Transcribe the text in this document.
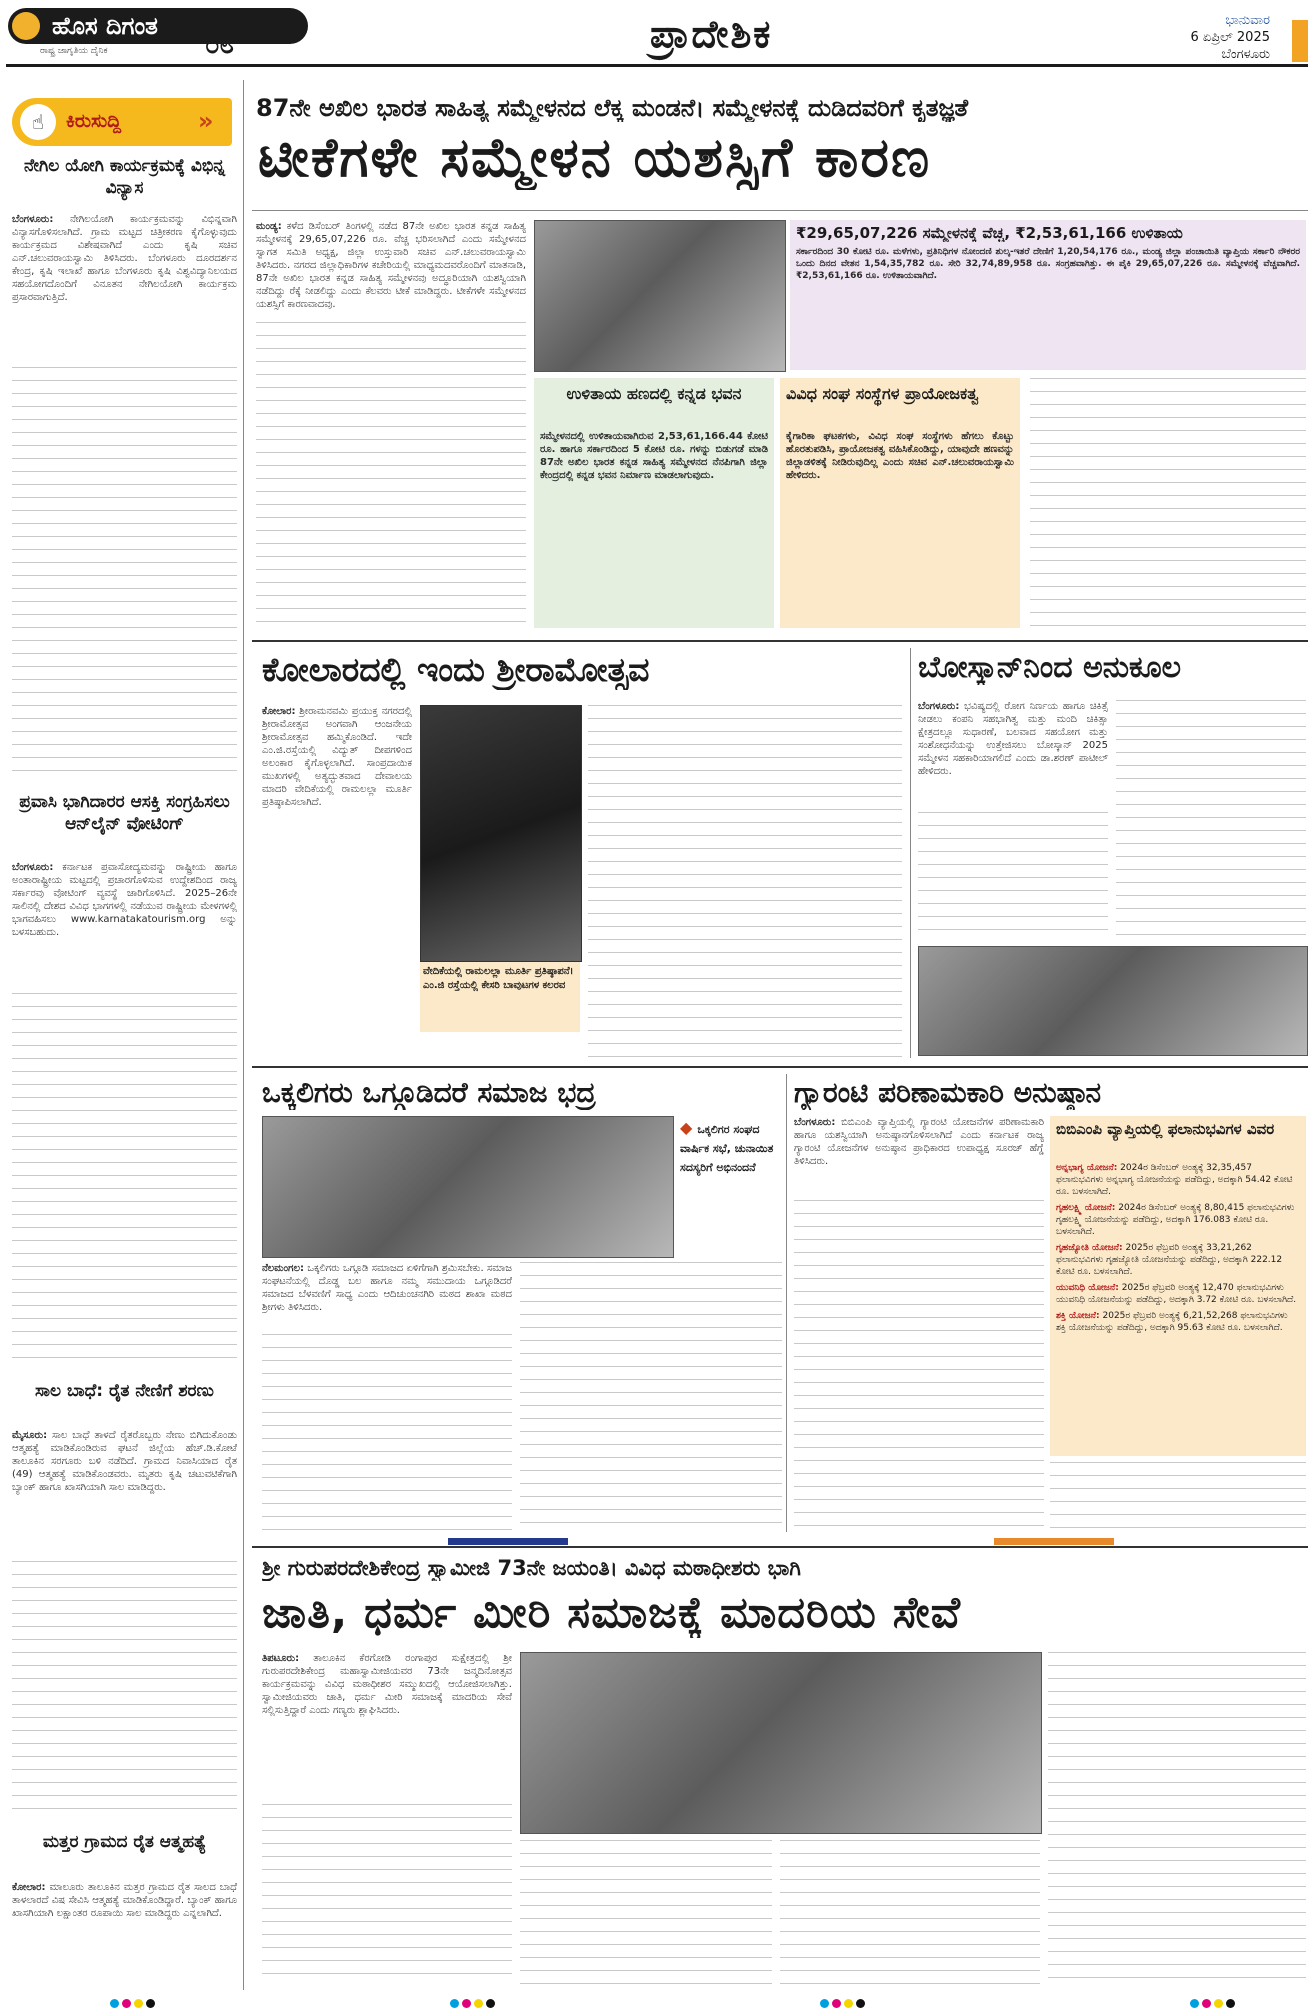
ಹೊಸ ದಿಗಂತ
ರಾಷ್ಟ್ರ ಜಾಗೃತಿಯ ದೈನಿಕ	೦೮	ಪ್ರಾದೇಶಿಕ	ಭಾನುವಾರ
6 ಏಪ್ರಿಲ್ 2025
ಬೆಂಗಳೂರು
☝	ಕಿರುಸುದ್ದಿ	»
ನೇಗಿಲ ಯೋಗಿ ಕಾರ್ಯಕ್ರಮಕ್ಕೆ ವಿಭಿನ್ನ ವಿನ್ಯಾಸ
ಬೆಂಗಳೂರು: ನೇಗಿಲಯೋಗಿ ಕಾರ್ಯಕ್ರಮವನ್ನು ವಿಭಿನ್ನವಾಗಿ ವಿನ್ಯಾಸಗೊಳಿಸಲಾಗಿದೆ. ಗ್ರಾಮ ಮಟ್ಟದ ಚಿತ್ರೀಕರಣ ಕೈಗೊಳ್ಳುವುದು ಕಾರ್ಯಕ್ರಮದ ವಿಶೇಷವಾಗಿದೆ ಎಂದು ಕೃಷಿ ಸಚಿವ ಎನ್.ಚಲುವರಾಯಸ್ವಾಮಿ ತಿಳಿಸಿದರು. ಬೆಂಗಳೂರು ದೂರದರ್ಶನ ಕೇಂದ್ರ, ಕೃಷಿ ಇಲಾಖೆ ಹಾಗೂ ಬೆಂಗಳೂರು ಕೃಷಿ ವಿಶ್ವವಿದ್ಯಾನಿಲಯದ ಸಹಯೋಗದೊಂದಿಗೆ ವಿನೂತನ ನೇಗಿಲಯೋಗಿ ಕಾರ್ಯಕ್ರಮ ಪ್ರಸಾರವಾಗುತ್ತಿದೆ.
ಪ್ರವಾಸಿ ಭಾಗಿದಾರರ ಆಸಕ್ತಿ ಸಂಗ್ರಹಿಸಲು ಆನ್‌ಲೈನ್ ವೋಟಿಂಗ್
ಬೆಂಗಳೂರು: ಕರ್ನಾಟಕ ಪ್ರವಾಸೋದ್ಯಮವನ್ನು ರಾಷ್ಟ್ರೀಯ ಹಾಗೂ ಅಂತಾರಾಷ್ಟ್ರೀಯ ಮಟ್ಟದಲ್ಲಿ ಪ್ರಚಾರಗೊಳಿಸುವ ಉದ್ದೇಶದಿಂದ ರಾಜ್ಯ ಸರ್ಕಾರವು ವೋಟಿಂಗ್ ವ್ಯವಸ್ಥೆ ಜಾರಿಗೊಳಿಸಿದೆ. 2025–26ನೇ ಸಾಲಿನಲ್ಲಿ ದೇಶದ ವಿವಿಧ ಭಾಗಗಳಲ್ಲಿ ನಡೆಯುವ ರಾಷ್ಟ್ರೀಯ ಮೇಳಗಳಲ್ಲಿ ಭಾಗವಹಿಸಲು www.karnatakatourism.org ಅನ್ನು ಬಳಸಬಹುದು.
ಸಾಲ ಬಾಧೆ: ರೈತ ನೇಣಿಗೆ ಶರಣು
ಮೈಸೂರು: ಸಾಲ ಬಾಧೆ ತಾಳದೆ ರೈತರೊಬ್ಬರು ನೇಣು ಬಿಗಿದುಕೊಂಡು ಆತ್ಮಹತ್ಯೆ ಮಾಡಿಕೊಂಡಿರುವ ಘಟನೆ ಜಿಲ್ಲೆಯ ಹೆಚ್.ಡಿ.ಕೋಟೆ ತಾಲೂಕಿನ ಸರಗೂರು ಬಳಿ ನಡೆದಿದೆ. ಗ್ರಾಮದ ನಿವಾಸಿಯಾದ ರೈತ (49) ಆತ್ಮಹತ್ಯೆ ಮಾಡಿಕೊಂಡವರು. ಮೃತರು ಕೃಷಿ ಚಟುವಟಿಕೆಗಾಗಿ ಬ್ಯಾಂಕ್ ಹಾಗೂ ಖಾಸಗಿಯಾಗಿ ಸಾಲ ಮಾಡಿದ್ದರು.
ಮತ್ತರ ಗ್ರಾಮದ ರೈತ ಆತ್ಮಹತ್ಯೆ
ಕೋಲಾರ: ಮಾಲೂರು ತಾಲೂಕಿನ ಮತ್ತರ ಗ್ರಾಮದ ರೈತ ಸಾಲದ ಬಾಧೆ ತಾಳಲಾರದೆ ವಿಷ ಸೇವಿಸಿ ಆತ್ಮಹತ್ಯೆ ಮಾಡಿಕೊಂಡಿದ್ದಾರೆ. ಬ್ಯಾಂಕ್ ಹಾಗೂ ಖಾಸಗಿಯಾಗಿ ಲಕ್ಷಾಂತರ ರೂಪಾಯಿ ಸಾಲ ಮಾಡಿದ್ದರು ಎನ್ನಲಾಗಿದೆ.
87ನೇ ಅಖಿಲ ಭಾರತ ಸಾಹಿತ್ಯ ಸಮ್ಮೇಳನದ ಲೆಕ್ಕ ಮಂಡನೆ। ಸಮ್ಮೇಳನಕ್ಕೆ ದುಡಿದವರಿಗೆ ಕೃತಜ್ಞತೆ
ಟೀಕೆಗಳೇ ಸಮ್ಮೇಳನ ಯಶಸ್ಸಿಗೆ ಕಾರಣ
ಮಂಡ್ಯ: ಕಳೆದ ಡಿಸೆಂಬರ್ ತಿಂಗಳಲ್ಲಿ ನಡೆದ 87ನೇ ಅಖಿಲ ಭಾರತ ಕನ್ನಡ ಸಾಹಿತ್ಯ ಸಮ್ಮೇಳನಕ್ಕೆ 29,65,07,226 ರೂ. ವೆಚ್ಚ ಭರಿಸಲಾಗಿದೆ ಎಂದು ಸಮ್ಮೇಳನದ ಸ್ವಾಗತ ಸಮಿತಿ ಅಧ್ಯಕ್ಷ, ಜಿಲ್ಲಾ ಉಸ್ತುವಾರಿ ಸಚಿವ ಎನ್.ಚಲುವರಾಯಸ್ವಾಮಿ ತಿಳಿಸಿದರು. ನಗರದ ಜಿಲ್ಲಾಧಿಕಾರಿಗಳ ಕಚೇರಿಯಲ್ಲಿ ಮಾಧ್ಯಮದವರೊಂದಿಗೆ ಮಾತನಾಡಿ, 87ನೇ ಅಖಿಲ ಭಾರತ ಕನ್ನಡ ಸಾಹಿತ್ಯ ಸಮ್ಮೇಳನವು ಅದ್ಧೂರಿಯಾಗಿ ಯಶಸ್ವಿಯಾಗಿ ನಡೆದಿದ್ದು ರೆಕ್ಕೆ ನೀಡಲಿದ್ದು ಎಂದು ಕೆಲವರು ಟೀಕೆ ಮಾಡಿದ್ದರು. ಟೀಕೆಗಳೇ ಸಮ್ಮೇಳನದ ಯಶಸ್ಸಿಗೆ ಕಾರಣವಾದವು.
₹29,65,07,226 ಸಮ್ಮೇಳನಕ್ಕೆ ವೆಚ್ಚ, ₹2,53,61,166 ಉಳಿತಾಯ
ಸರ್ಕಾರದಿಂದ 30 ಕೋಟಿ ರೂ. ಮಳೆಗಳು, ಪ್ರತಿನಿಧಿಗಳ ನೋಂದಣಿ ಶುಲ್ಕ-ಇತರೆ ದೇಣಿಗೆ 1,20,54,176 ರೂ., ಮಂಡ್ಯ ಜಿಲ್ಲಾ ಪಂಚಾಯಿತಿ ವ್ಯಾಪ್ತಿಯ ಸರ್ಕಾರಿ ನೌಕರರ ಒಂದು ದಿನದ ವೇತನ 1,54,35,782 ರೂ. ಸೇರಿ 32,74,89,958 ರೂ. ಸಂಗ್ರಹವಾಗಿತ್ತು. ಈ ಪೈಕಿ 29,65,07,226 ರೂ. ಸಮ್ಮೇಳನಕ್ಕೆ ವೆಚ್ಚವಾಗಿದೆ. ₹2,53,61,166 ರೂ. ಉಳಿತಾಯವಾಗಿದೆ.
ಉಳಿತಾಯ ಹಣದಲ್ಲಿ ಕನ್ನಡ ಭವನ
ಸಮ್ಮೇಳನದಲ್ಲಿ ಉಳಿತಾಯವಾಗಿರುವ 2,53,61,166.44 ಕೋಟಿ ರೂ. ಹಾಗೂ ಸರ್ಕಾರದಿಂದ 5 ಕೋಟಿ ರೂ. ಗಳನ್ನು ಬಿಡುಗಡೆ ಮಾಡಿ 87ನೇ ಅಖಿಲ ಭಾರತ ಕನ್ನಡ ಸಾಹಿತ್ಯ ಸಮ್ಮೇಳನದ ನೆನಪಿಗಾಗಿ ಜಿಲ್ಲಾ ಕೇಂದ್ರದಲ್ಲಿ ಕನ್ನಡ ಭವನ ನಿರ್ಮಾಣ ಮಾಡಲಾಗುವುದು.
ವಿವಿಧ ಸಂಘ ಸಂಸ್ಥೆಗಳ ಪ್ರಾಯೋಜಕತ್ವ
ಕೈಗಾರಿಕಾ ಘಟಕಗಳು, ವಿವಿಧ ಸಂಘ ಸಂಸ್ಥೆಗಳು ಹೆಗಲು ಕೊಟ್ಟು ಹೊರತುಪಡಿಸಿ, ಪ್ರಾಯೋಜಕತ್ವ ವಹಿಸಿಕೊಂಡಿದ್ದು, ಯಾವುದೇ ಹಣವನ್ನು ಜಿಲ್ಲಾಡಳಿತಕ್ಕೆ ನೀಡಿರುವುದಿಲ್ಲ ಎಂದು ಸಚಿವ ಎನ್.ಚಲುವರಾಯಸ್ವಾಮಿ ಹೇಳಿದರು.
ಕೋಲಾರದಲ್ಲಿ ಇಂದು ಶ್ರೀರಾಮೋತ್ಸವ
ಕೋಲಾರ: ಶ್ರೀರಾಮನವಮಿ ಪ್ರಯುಕ್ತ ನಗರದಲ್ಲಿ ಶ್ರೀರಾಮೋತ್ಸವ ಅಂಗವಾಗಿ ಆಂಜನೇಯ ಶ್ರೀರಾಮೋತ್ಸವ ಹಮ್ಮಿಕೊಂಡಿದೆ. ಇದೇ ಎಂ.ಜಿ.ರಸ್ತೆಯಲ್ಲಿ ವಿದ್ಯುತ್ ದೀಪಗಳಿಂದ ಅಲಂಕಾರ ಕೈಗೊಳ್ಳಲಾಗಿದೆ. ಸಾಂಪ್ರದಾಯಿಕ ಮುಖಗಳಲ್ಲಿ ಅತ್ಯದ್ಭುತವಾದ ದೇವಾಲಯ ಮಾದರಿ ವೇದಿಕೆಯಲ್ಲಿ ರಾಮಲಲ್ಲಾ ಮೂರ್ತಿ ಪ್ರತಿಷ್ಠಾಪಿಸಲಾಗಿದೆ.
ವೇದಿಕೆಯಲ್ಲಿ ರಾಮಲಲ್ಲಾ ಮೂರ್ತಿ ಪ್ರತಿಷ್ಠಾಪನೆ। ಎಂ.ಜಿ ರಸ್ತೆಯಲ್ಲಿ ಕೇಸರಿ ಬಾವುಟಗಳ ಕಲರವ
ಬೋಸ್ಕಾನ್‌ನಿಂದ ಅನುಕೂಲ
ಬೆಂಗಳೂರು: ಭವಿಷ್ಯದಲ್ಲಿ ರೋಗ ನಿರ್ಣಯ ಹಾಗೂ ಚಿಕಿತ್ಸೆ ನೀಡಲು ಕಂಪನಿ ಸಹಭಾಗಿತ್ವ ಮತ್ತು ಮಂದಿ ಚಿಕಿತ್ಸಾ ಕ್ಷೇತ್ರದಲ್ಲೂ ಸುಧಾರಣೆ, ಬಲವಾದ ಸಹಯೋಗ ಮತ್ತು ಸಂಶೋಧನೆಯನ್ನು ಉತ್ತೇಜಿಸಲು ಬೋಸ್ಕಾನ್ 2025 ಸಮ್ಮೇಳನ ಸಹಕಾರಿಯಾಗಲಿದೆ ಎಂದು ಡಾ.ಶರಣ್ ಪಾಟೀಲ್ ಹೇಳಿದರು.
ಒಕ್ಕಲಿಗರು ಒಗ್ಗೂಡಿದರೆ ಸಮಾಜ ಭದ್ರ
◆ ಒಕ್ಕಲಿಗರ ಸಂಘದ ವಾರ್ಷಿಕ ಸಭೆ, ಚುನಾಯಿತ ಸದಸ್ಯರಿಗೆ ಅಭಿನಂದನೆ
ನೆಲಮಂಗಲ: ಒಕ್ಕಲಿಗರು ಒಗ್ಗೂಡಿ ಸಮಾಜದ ಏಳಿಗೆಗಾಗಿ ಶ್ರಮಿಸಬೇಕು. ಸಮಾಜ ಸಂಘಟನೆಯಲ್ಲಿ ದೊಡ್ಡ ಬಲ ಹಾಗೂ ನಮ್ಮ ಸಮುದಾಯ ಒಗ್ಗೂಡಿದರೆ ಸಮಾಜದ ಬೆಳವಣಿಗೆ ಸಾಧ್ಯ ಎಂದು ಆದಿಚುಂಚನಗಿರಿ ಮಠದ ಶಾಖಾ ಮಠದ ಶ್ರೀಗಳು ತಿಳಿಸಿದರು.
ಗ್ಯಾರಂಟಿ ಪರಿಣಾಮಕಾರಿ ಅನುಷ್ಠಾನ
ಬೆಂಗಳೂರು: ಬಿಬಿಎಂಪಿ ವ್ಯಾಪ್ತಿಯಲ್ಲಿ ಗ್ಯಾರಂಟಿ ಯೋಜನೆಗಳ ಪರಿಣಾಮಕಾರಿ ಹಾಗೂ ಯಶಸ್ವಿಯಾಗಿ ಅನುಷ್ಠಾನಗೊಳಿಸಲಾಗಿದೆ ಎಂದು ಕರ್ನಾಟಕ ರಾಜ್ಯ ಗ್ಯಾರಂಟಿ ಯೋಜನೆಗಳ ಅನುಷ್ಠಾನ ಪ್ರಾಧಿಕಾರದ ಉಪಾಧ್ಯಕ್ಷ ಸೂರಜ್ ಹೆಗ್ಡೆ ತಿಳಿಸಿದರು.
ಬಿಬಿಎಂಪಿ ವ್ಯಾಪ್ತಿಯಲ್ಲಿ ಫಲಾನುಭವಿಗಳ ವಿವರ
ಅನ್ನಭಾಗ್ಯ ಯೋಜನೆ: 2024ರ ಡಿಸೆಂಬರ್ ಅಂತ್ಯಕ್ಕೆ 32,35,457 ಫಲಾನುಭವಿಗಳು ಅನ್ನಭಾಗ್ಯ ಯೋಜನೆಯನ್ನು ಪಡೆದಿದ್ದು, ಅದಕ್ಕಾಗಿ 54.42 ಕೋಟಿ ರೂ. ಬಳಸಲಾಗಿದೆ.
ಗೃಹಲಕ್ಷ್ಮಿ ಯೋಜನೆ: 2024ರ ಡಿಸೆಂಬರ್ ಅಂತ್ಯಕ್ಕೆ 8,80,415 ಫಲಾನುಭವಿಗಳು ಗೃಹಲಕ್ಷ್ಮಿ ಯೋಜನೆಯನ್ನು ಪಡೆದಿದ್ದು, ಅದಕ್ಕಾಗಿ 176.083 ಕೋಟಿ ರೂ. ಬಳಸಲಾಗಿದೆ.
ಗೃಹಜ್ಯೋತಿ ಯೋಜನೆ: 2025ರ ಫೆಬ್ರವರಿ ಅಂತ್ಯಕ್ಕೆ 33,21,262 ಫಲಾನುಭವಿಗಳು ಗೃಹಜ್ಯೋತಿ ಯೋಜನೆಯನ್ನು ಪಡೆದಿದ್ದು, ಅದಕ್ಕಾಗಿ 222.12 ಕೋಟಿ ರೂ. ಬಳಸಲಾಗಿದೆ.
ಯುವನಿಧಿ ಯೋಜನೆ: 2025ರ ಫೆಬ್ರವರಿ ಅಂತ್ಯಕ್ಕೆ 12,470 ಫಲಾನುಭವಿಗಳು ಯುವನಿಧಿ ಯೋಜನೆಯನ್ನು ಪಡೆದಿದ್ದು, ಅದಕ್ಕಾಗಿ 3.72 ಕೋಟಿ ರೂ. ಬಳಸಲಾಗಿದೆ.
ಶಕ್ತಿ ಯೋಜನೆ: 2025ರ ಫೆಬ್ರವರಿ ಅಂತ್ಯಕ್ಕೆ 6,21,52,268 ಫಲಾನುಭವಿಗಳು ಶಕ್ತಿ ಯೋಜನೆಯನ್ನು ಪಡೆದಿದ್ದು, ಅದಕ್ಕಾಗಿ 95.63 ಕೋಟಿ ರೂ. ಬಳಸಲಾಗಿದೆ.
ಶ್ರೀ ಗುರುಪರದೇಶಿಕೇಂದ್ರ ಸ್ವಾಮೀಜಿ 73ನೇ ಜಯಂತಿ। ವಿವಿಧ ಮಠಾಧೀಶರು ಭಾಗಿ
ಜಾತಿ, ಧರ್ಮ ಮೀರಿ ಸಮಾಜಕ್ಕೆ ಮಾದರಿಯ ಸೇವೆ
ತಿಪಟೂರು: ತಾಲೂಕಿನ ಕೆರಗೋಡಿ ರಂಗಾಪುರ ಸುಕ್ಷೇತ್ರದಲ್ಲಿ ಶ್ರೀ ಗುರುಪರದೇಶಿಕೇಂದ್ರ ಮಹಾಸ್ವಾಮೀಜಿಯವರ 73ನೇ ಜನ್ಮದಿನೋತ್ಸವ ಕಾರ್ಯಕ್ರಮವನ್ನು ವಿವಿಧ ಮಠಾಧೀಶರ ಸಮ್ಮುಖದಲ್ಲಿ ಆಯೋಜಿಸಲಾಗಿತ್ತು. ಸ್ವಾಮೀಜಿಯವರು ಜಾತಿ, ಧರ್ಮ ಮೀರಿ ಸಮಾಜಕ್ಕೆ ಮಾದರಿಯ ಸೇವೆ ಸಲ್ಲಿಸುತ್ತಿದ್ದಾರೆ ಎಂದು ಗಣ್ಯರು ಶ್ಲಾಘಿಸಿದರು.
